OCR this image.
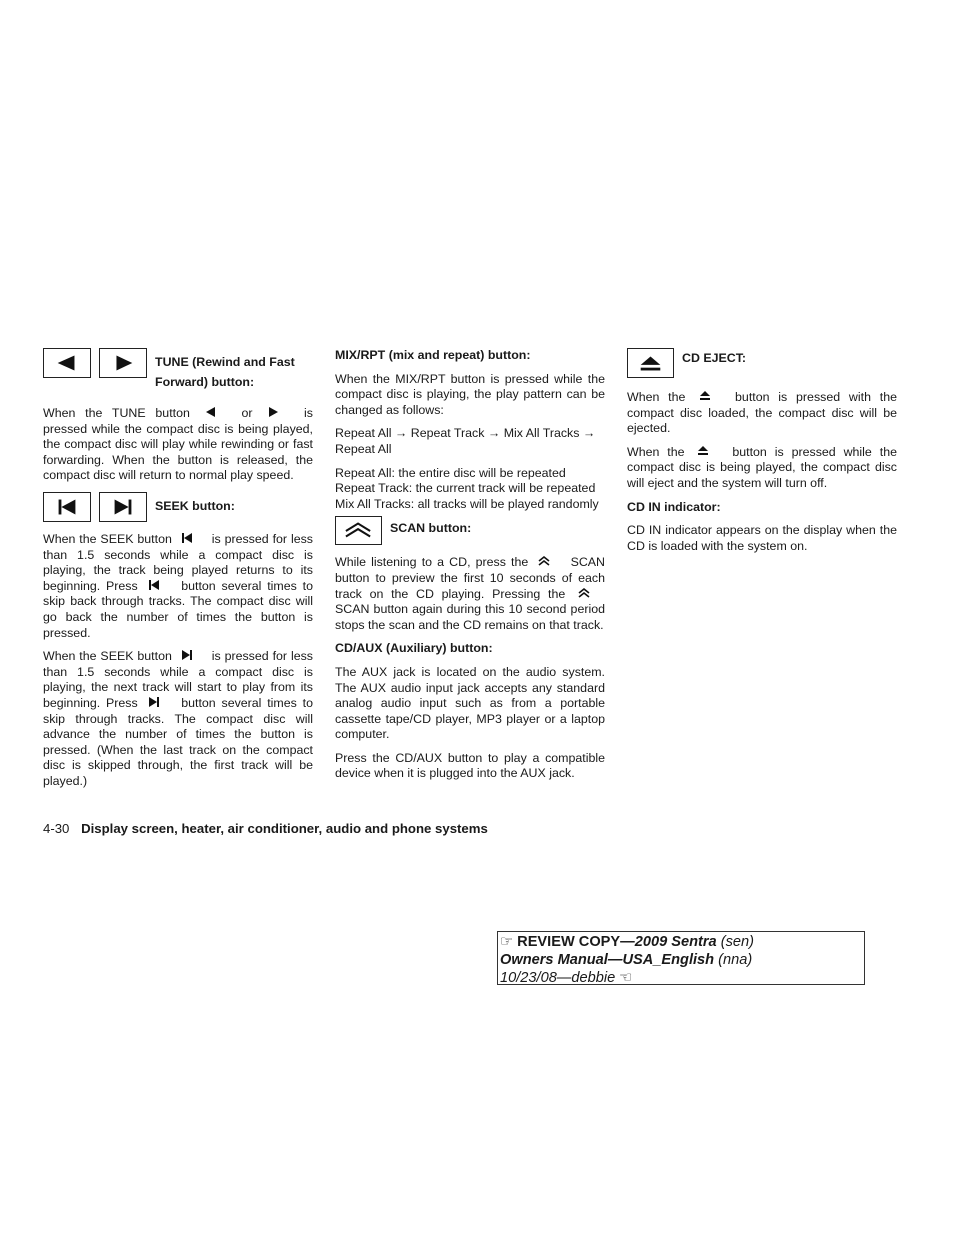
TUNE (Rewind and Fast
Forward) button:

When the TUNE button	or	is pressed while the compact disc is being played, the compact disc will play while rewinding or fast forwarding. When the button is released, the compact disc will return to normal play speed.

SEEK button:

When the SEEK button	is pressed for less than 1.5 seconds while a compact disc is playing, the track being played returns to its beginning. Press	button several times to skip back through tracks. The compact disc will go back the number of times the button is pressed.

When the SEEK button	is pressed for less than 1.5 seconds while a compact disc is playing, the next track will start to play from its beginning. Press	button several times to skip through tracks. The compact disc will advance the number of times the button is pressed. (When the last track on the compact disc is skipped through, the first track will be played.)

MIX/RPT (mix and repeat) button:

When the MIX/RPT button is pressed while the compact disc is playing, the play pattern can be changed as follows:

Repeat All → Repeat Track → Mix All Tracks → Repeat All

Repeat All: the entire disc will be repeated
Repeat Track: the current track will be repeated
Mix All Tracks: all tracks will be played randomly

SCAN button:

While listening to a CD, press the	SCAN button to preview the first 10 seconds of each track on the CD playing. Pressing the
SCAN button again during this 10 second period stops the scan and the CD remains on that track.

CD/AUX (Auxiliary) button:

The AUX jack is located on the audio system. The AUX audio input jack accepts any standard analog audio input such as from a portable cassette tape/CD player, MP3 player or a laptop computer.

Press the CD/AUX button to play a compatible device when it is plugged into the AUX jack.

CD EJECT:

When the	button is pressed with the compact disc loaded, the compact disc will be ejected.

When the	button is pressed while the compact disc is being played, the compact disc will eject and the system will turn off.

CD IN indicator:

CD IN indicator appears on the display when the CD is loaded with the system on.

4-30 Display screen, heater, air conditioner, audio and phone systems
☞ REVIEW COPY—2009 Sentra (sen)
Owners Manual—USA_English (nna)
10/23/08—debbie ☜
